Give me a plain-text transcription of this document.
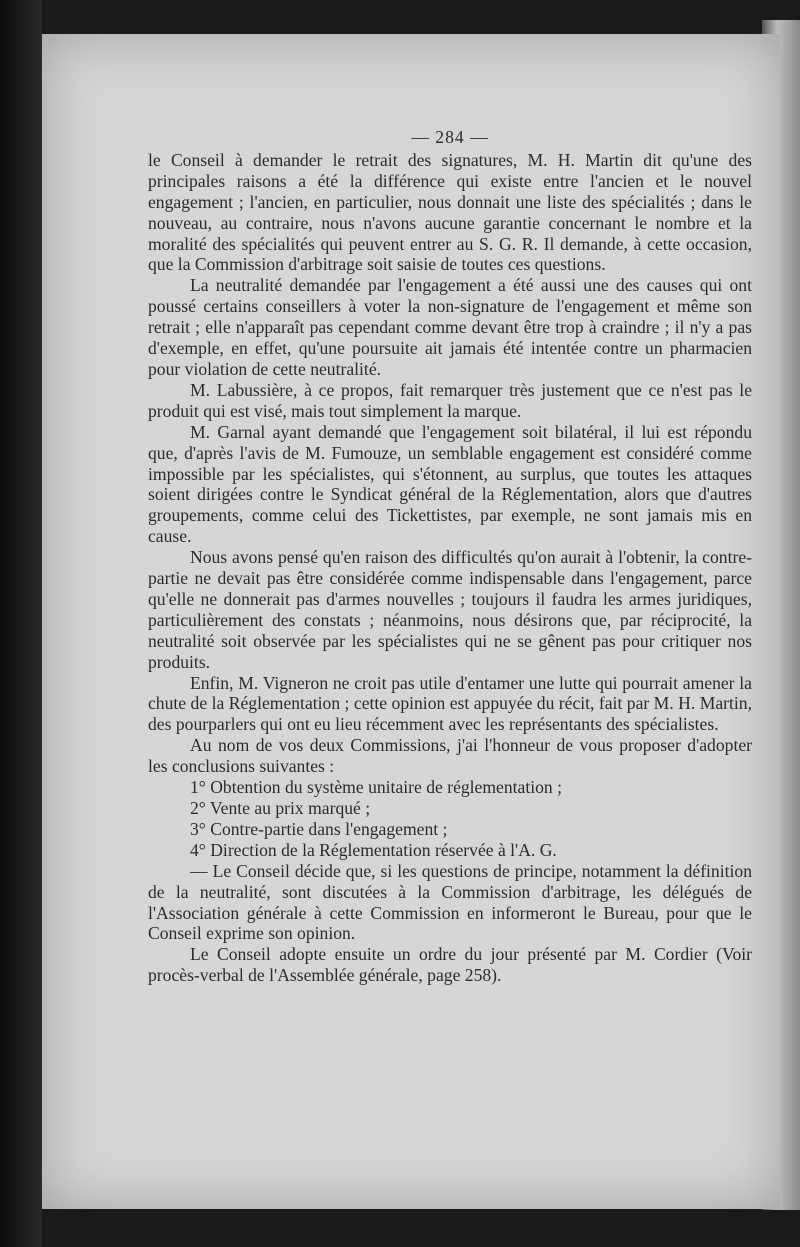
— 284 —

le Conseil à demander le retrait des signatures, M. H. Martin dit qu'une des principales raisons a été la différence qui existe entre l'ancien et le nouvel engagement ; l'ancien, en particulier, nous donnait une liste des spécialités ; dans le nouveau, au contraire, nous n'avons aucune garantie concernant le nombre et la moralité des spécialités qui peuvent entrer au S. G. R. Il demande, à cette occasion, que la Commission d'arbitrage soit saisie de toutes ces questions.

La neutralité demandée par l'engagement a été aussi une des causes qui ont poussé certains conseillers à voter la non-signature de l'engagement et même son retrait ; elle n'apparaît pas cependant comme devant être trop à craindre ; il n'y a pas d'exemple, en effet, qu'une poursuite ait jamais été intentée contre un pharmacien pour violation de cette neutralité.

M. Labussière, à ce propos, fait remarquer très justement que ce n'est pas le produit qui est visé, mais tout simplement la marque.

M. Garnal ayant demandé que l'engagement soit bilatéral, il lui est répondu que, d'après l'avis de M. Fumouze, un semblable engagement est considéré comme impossible par les spécialistes, qui s'étonnent, au surplus, que toutes les attaques soient dirigées contre le Syndicat général de la Réglementation, alors que d'autres groupements, comme celui des Tickettistes, par exemple, ne sont jamais mis en cause.

Nous avons pensé qu'en raison des difficultés qu'on aurait à l'obtenir, la contre-partie ne devait pas être considérée comme indispensable dans l'engagement, parce qu'elle ne donnerait pas d'armes nouvelles ; toujours il faudra les armes juridiques, particulièrement des constats ; néanmoins, nous désirons que, par réciprocité, la neutralité soit observée par les spécialistes qui ne se gênent pas pour critiquer nos produits.

Enfin, M. Vigneron ne croit pas utile d'entamer une lutte qui pourrait amener la chute de la Réglementation ; cette opinion est appuyée du récit, fait par M. H. Martin, des pourparlers qui ont eu lieu récemment avec les représentants des spécialistes.

Au nom de vos deux Commissions, j'ai l'honneur de vous proposer d'adopter les conclusions suivantes :

1° Obtention du système unitaire de réglementation ;

2° Vente au prix marqué ;

3° Contre-partie dans l'engagement ;

4° Direction de la Réglementation réservée à l'A. G.

— Le Conseil décide que, si les questions de principe, notamment la définition de la neutralité, sont discutées à la Commission d'arbitrage, les délégués de l'Association générale à cette Commission en informeront le Bureau, pour que le Conseil exprime son opinion.

Le Conseil adopte ensuite un ordre du jour présenté par M. Cordier (Voir procès-verbal de l'Assemblée générale, page 258).
